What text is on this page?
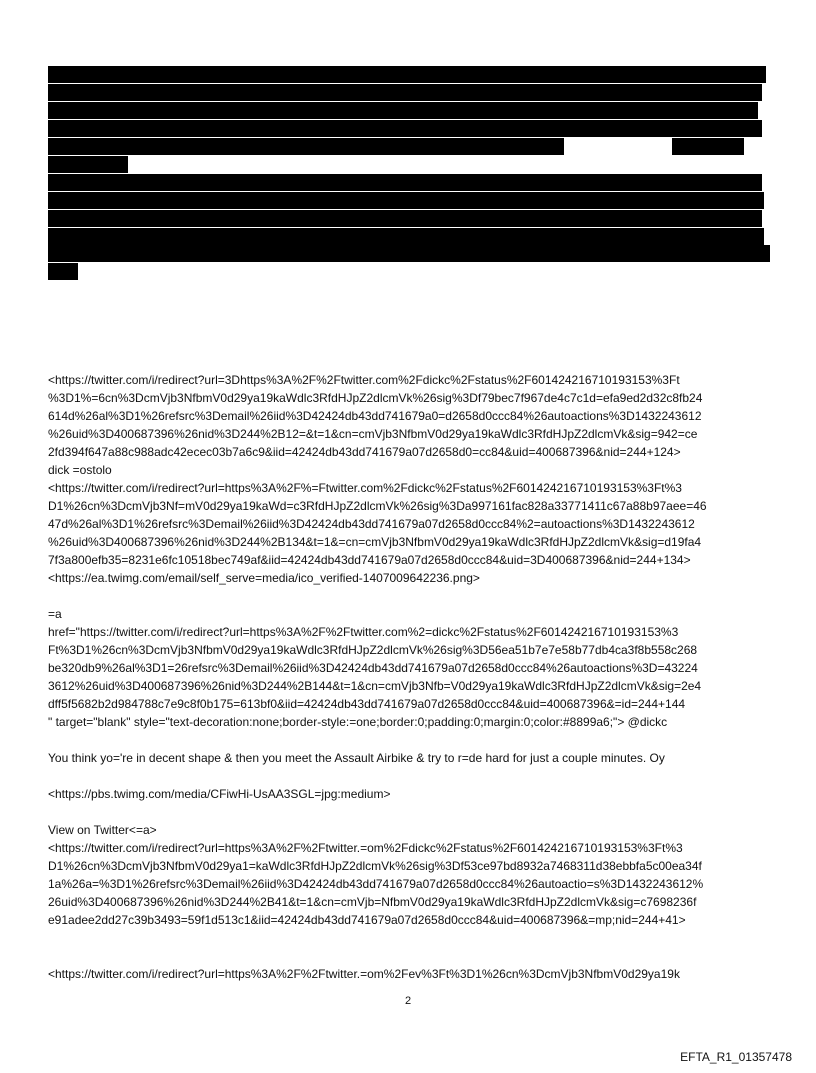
<https://twitter.com/i/redirect?url=3Dhttps%3A%2F%2Ftwitter.com%2Fdickc%2Fstatus%2F601424216710193153%3Ft
%3D1%=6cn%3DcmVjb3NfbmV0d29ya19kaWdlc3RfdHJpZ2dlcmVk%26sig%3Df79bec7f967de4c7c1d=efa9ed2d32c8fb24
614d%26al%3D1%26refsrc%3Demail%26iid%3D42424db43dd741679a0=d2658d0ccc84%26autoactions%3D1432243612
%26uid%3D400687396%26nid%3D244%2B12=&t=1&cn=cmVjb3NfbmV0d29ya19kaWdlc3RfdHJpZ2dlcmVk&sig=942=ce
2fd394f647a88c988adc42ecec03b7a6c9&iid=42424db43dd741679a07d2658d0=cc84&uid=400687396&nid=244+124>
dick =ostolo
<https://twitter.com/i/redirect?url=https%3A%2F%=Ftwitter.com%2Fdickc%2Fstatus%2F601424216710193153%3Ft%3
D1%26cn%3DcmVjb3Nf=mV0d29ya19kaWd=c3RfdHJpZ2dlcmVk%26sig%3Da997161fac828a33771411c67a88b97aee=46
47d%26al%3D1%26refsrc%3Demail%26iid%3D42424db43dd741679a07d2658d0ccc84%2=autoactions%3D1432243612
%26uid%3D400687396%26nid%3D244%2B134&t=1&=cn=cmVjb3NfbmV0d29ya19kaWdlc3RfdHJpZ2dlcmVk&sig=d19fa4
7f3a800efb35=8231e6fc10518bec749af&iid=42424db43dd741679a07d2658d0ccc84&uid=3D400687396&nid=244+134>
<https://ea.twimg.com/email/self_serve=media/ico_verified-1407009642236.png>

=a
href="https://twitter.com/i/redirect?url=https%3A%2F%2Ftwitter.com%2=dickc%2Fstatus%2F601424216710193153%3
Ft%3D1%26cn%3DcmVjb3NfbmV0d29ya19kaWdlc3RfdHJpZ2dlcmVk%26sig%3D56ea51b7e7e58b77db4ca3f8b558c268
be320db9%26al%3D1=26refsrc%3Demail%26iid%3D42424db43dd741679a07d2658d0ccc84%26autoactions%3D=43224
3612%26uid%3D400687396%26nid%3D244%2B144&t=1&cn=cmVjb3Nfb=V0d29ya19kaWdlc3RfdHJpZ2dlcmVk&sig=2e4
dff5f5682b2d984788c7e9c8f0b175=613bf0&iid=42424db43dd741679a07d2658d0ccc84&uid=400687396&=id=244+144
" target="blank" style="text-decoration:none;border-style:=one;border:0;padding:0;margin:0;color:#8899a6;"> @dickc

You think yo='re in decent shape & then you meet the Assault Airbike & try to r=de hard for just a couple minutes. Oy

<https://pbs.twimg.com/media/CFiwHi-UsAA3SGL=jpg:medium>

View on Twitter<=a>
<https://twitter.com/i/redirect?url=https%3A%2F%2Ftwitter.=om%2Fdickc%2Fstatus%2F601424216710193153%3Ft%3
D1%26cn%3DcmVjb3NfbmV0d29ya1=kaWdlc3RfdHJpZ2dlcmVk%26sig%3Df53ce97bd8932a7468311d38ebbfa5c00ea34f
1a%26a=%3D1%26refsrc%3Demail%26iid%3D42424db43dd741679a07d2658d0ccc84%26autoactio=s%3D1432243612%
26uid%3D400687396%26nid%3D244%2B41&t=1&cn=cmVjb=NfbmV0d29ya19kaWdlc3RfdHJpZ2dlcmVk&sig=c7698236f
e91adee2dd27c39b3493=59f1d513c1&iid=42424db43dd741679a07d2658d0ccc84&uid=400687396&=mp;nid=244+41>

<https://twitter.com/i/redirect?url=https%3A%2F%2Ftwitter.=om%2Fev%3Ft%3D1%26cn%3DcmVjb3NfbmV0d29ya19k
2
EFTA_R1_01357478
